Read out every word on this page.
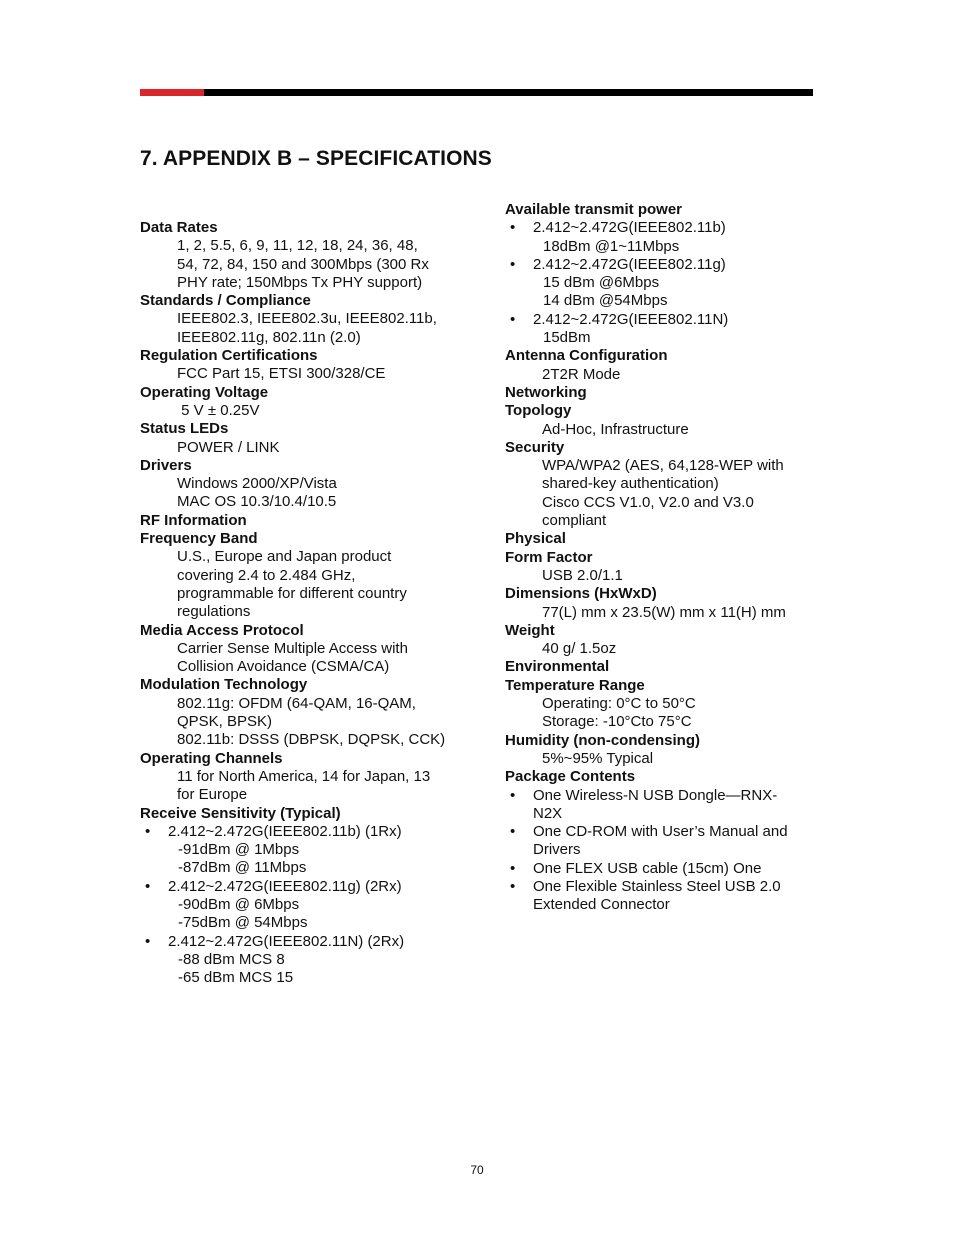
7. APPENDIX B – SPECIFICATIONS
Data Rates
1, 2, 5.5, 6, 9, 11, 12, 18, 24, 36, 48,
54, 72, 84, 150 and 300Mbps (300 Rx
PHY rate; 150Mbps Tx PHY support)
Standards / Compliance
IEEE802.3, IEEE802.3u, IEEE802.11b,
IEEE802.11g, 802.11n (2.0)
Regulation Certifications
FCC Part 15, ETSI 300/328/CE
Operating Voltage
5 V ± 0.25V
Status LEDs
POWER / LINK
Drivers
Windows 2000/XP/Vista
MAC OS 10.3/10.4/10.5
RF Information
Frequency Band
U.S., Europe and Japan product
covering 2.4 to 2.484 GHz,
programmable for different country
regulations
Media Access Protocol
Carrier Sense Multiple Access with
Collision Avoidance (CSMA/CA)
Modulation Technology
802.11g: OFDM (64-QAM, 16-QAM,
QPSK, BPSK)
802.11b: DSSS (DBPSK, DQPSK, CCK)
Operating Channels
11 for North America, 14 for Japan, 13
for Europe
Receive Sensitivity (Typical)
• 2.412~2.472G(IEEE802.11b) (1Rx)
-91dBm @ 1Mbps
-87dBm @ 11Mbps
• 2.412~2.472G(IEEE802.11g) (2Rx)
-90dBm @ 6Mbps
-75dBm @ 54Mbps
• 2.412~2.472G(IEEE802.11N) (2Rx)
-88 dBm MCS 8
-65 dBm MCS 15
Available transmit power
• 2.412~2.472G(IEEE802.11b)
18dBm @1~11Mbps
• 2.412~2.472G(IEEE802.11g)
15 dBm @6Mbps
14 dBm @54Mbps
• 2.412~2.472G(IEEE802.11N)
15dBm
Antenna Configuration
2T2R Mode
Networking
Topology
Ad-Hoc, Infrastructure
Security
WPA/WPA2 (AES, 64,128-WEP with
shared-key authentication)
Cisco CCS V1.0, V2.0 and V3.0
compliant
Physical
Form Factor
USB 2.0/1.1
Dimensions (HxWxD)
77(L) mm x 23.5(W) mm x 11(H) mm
Weight
40 g/ 1.5oz
Environmental
Temperature Range
Operating: 0°C to 50°C
Storage: -10°Cto 75°C
Humidity (non-condensing)
5%~95% Typical
Package Contents
• One Wireless-N USB Dongle—RNX-
N2X
• One CD-ROM with User’s Manual and
Drivers
• One FLEX USB cable (15cm) One
• One Flexible Stainless Steel USB 2.0
Extended Connector
70
